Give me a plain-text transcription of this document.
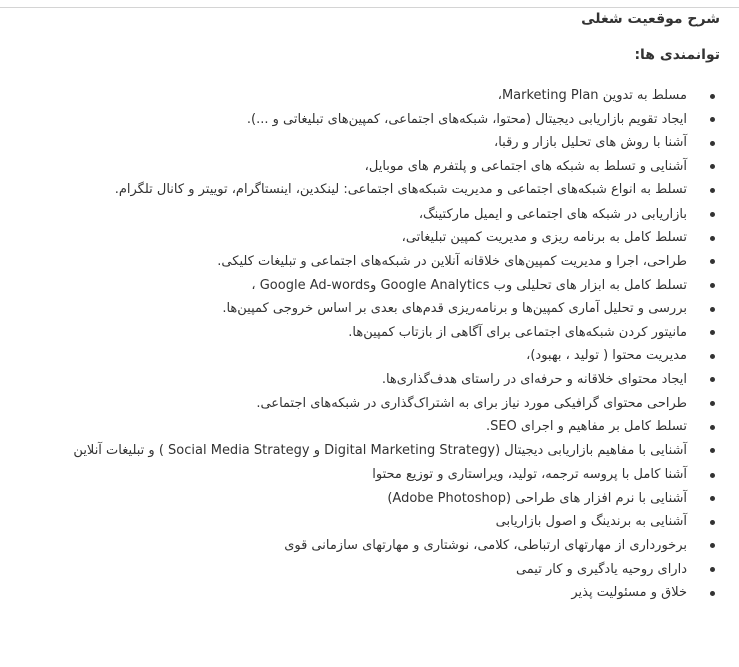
شرح موقعیت شغلی
توانمندی ها:
مسلط به تدوین Marketing Plan،
ایجاد تقویم بازاریابی دیجیتال (محتوا، شبکه‌های اجتماعی، کمپین‌های تبلیغاتی و ...).
آشنا با روش های تحلیل بازار و رقبا،
آشنایی و تسلط به شبکه های اجتماعی و پلتفرم های موبایل،
تسلط به انواع شبکه‌های اجتماعی و مدیریت شبکه‌های اجتماعی: لینکدین، اینستاگرام، توییتر و کانال تلگرام.
بازاریابی در شبکه های اجتماعی و ایمیل مارکتینگ،
تسلط کامل به برنامه ریزی و مدیریت کمپین تبلیغاتی،
طراحی، اجرا و مدیریت کمپین‌های خلاقانه آنلاین در شبکه‌های اجتماعی و تبلیغات کلیکی.
تسلط کامل به ابزار های تحلیلی وب Google Analytics وGoogle Ad-words ،
بررسی و تحلیل آماری کمپین‌ها و برنامه‌ریزی قدم‌های بعدی بر اساس خروجی کمپین‌ها.
مانیتور کردن شبکه‌های اجتماعی برای آگاهی از بازتاب کمپین‌ها.
مدیریت محتوا ( تولید ، بهبود)،
ایجاد محتوای خلاقانه و حرفه‌ای در راستای هدف‌گذاری‌ها.
طراحی محتوای گرافیکی مورد نیاز برای به اشتراک‌گذاری در شبکه‌های اجتماعی.
تسلط کامل بر مفاهیم و اجرای SEO.
آشنایی با مفاهیم بازاریابی دیجیتال (Digital Marketing Strategy و Social Media Strategy ) و تبلیغات آنلاین
آشنا کامل با پروسه ترجمه، تولید، ویراستاری و توزیع محتوا
آشنایی با نرم افزار های طراحی (Adobe Photoshop)
آشنایی به برندینگ و اصول بازاریابی
برخورداری از مهارتهای ارتباطی، کلامی، نوشتاری و مهارتهای سازمانی قوی
دارای روحیه یادگیری و کار تیمی
خلاق و مسئولیت پذیر
